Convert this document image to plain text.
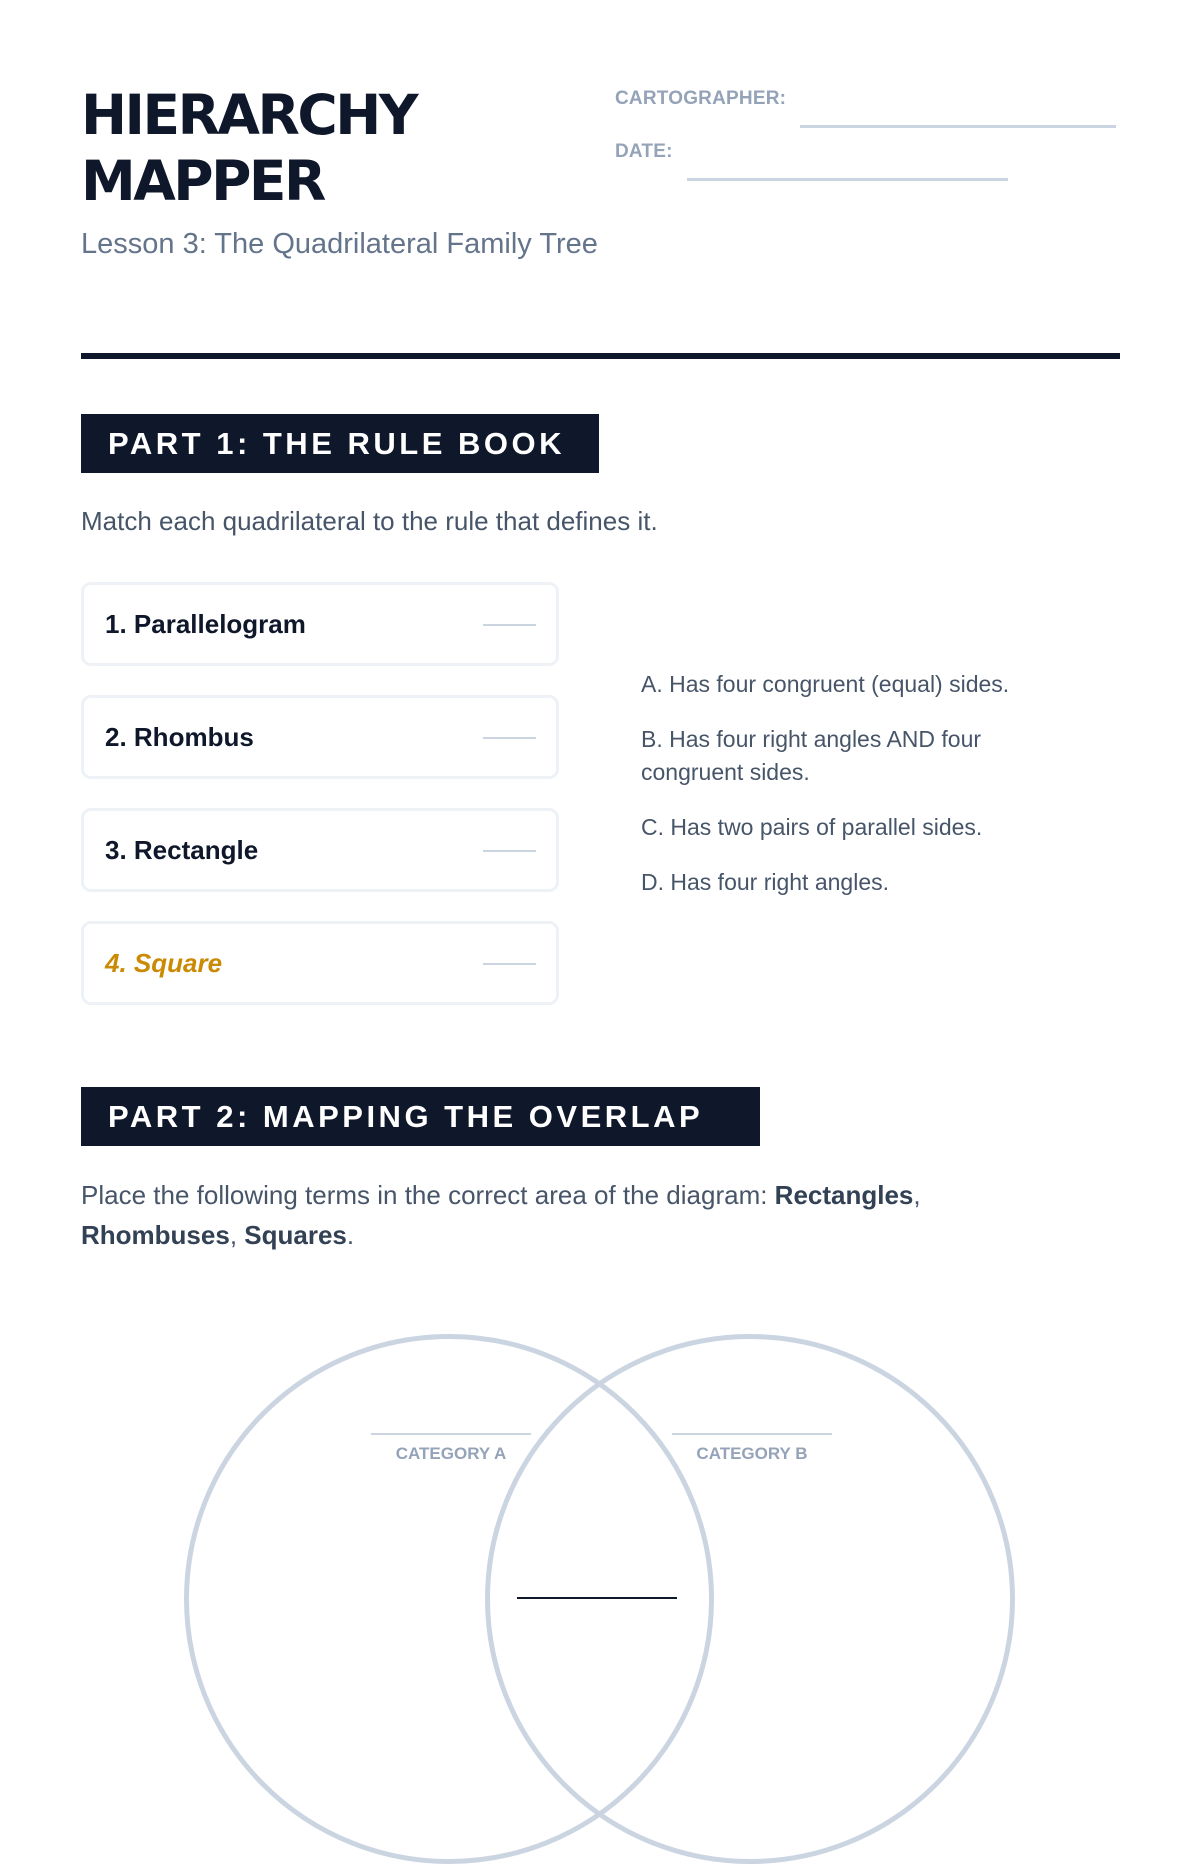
HIERARCHY
MAPPER

Lesson 3: The Quadrilateral Family Tree

CARTOGRAPHER:
DATE:
PART 1: THE RULE BOOK

Match each quadrilateral to the rule that defines it.

1. Parallelogram
2. Rhombus
3. Rectangle
4. Square

A. Has four congruent (equal) sides.

B. Has four right angles AND four congruent sides.

C. Has two pairs of parallel sides.

D. Has four right angles.

PART 2: MAPPING THE OVERLAP

Place the following terms in the correct area of the diagram: Rectangles, Rhombuses, Squares.

CATEGORY A	CATEGORY B
